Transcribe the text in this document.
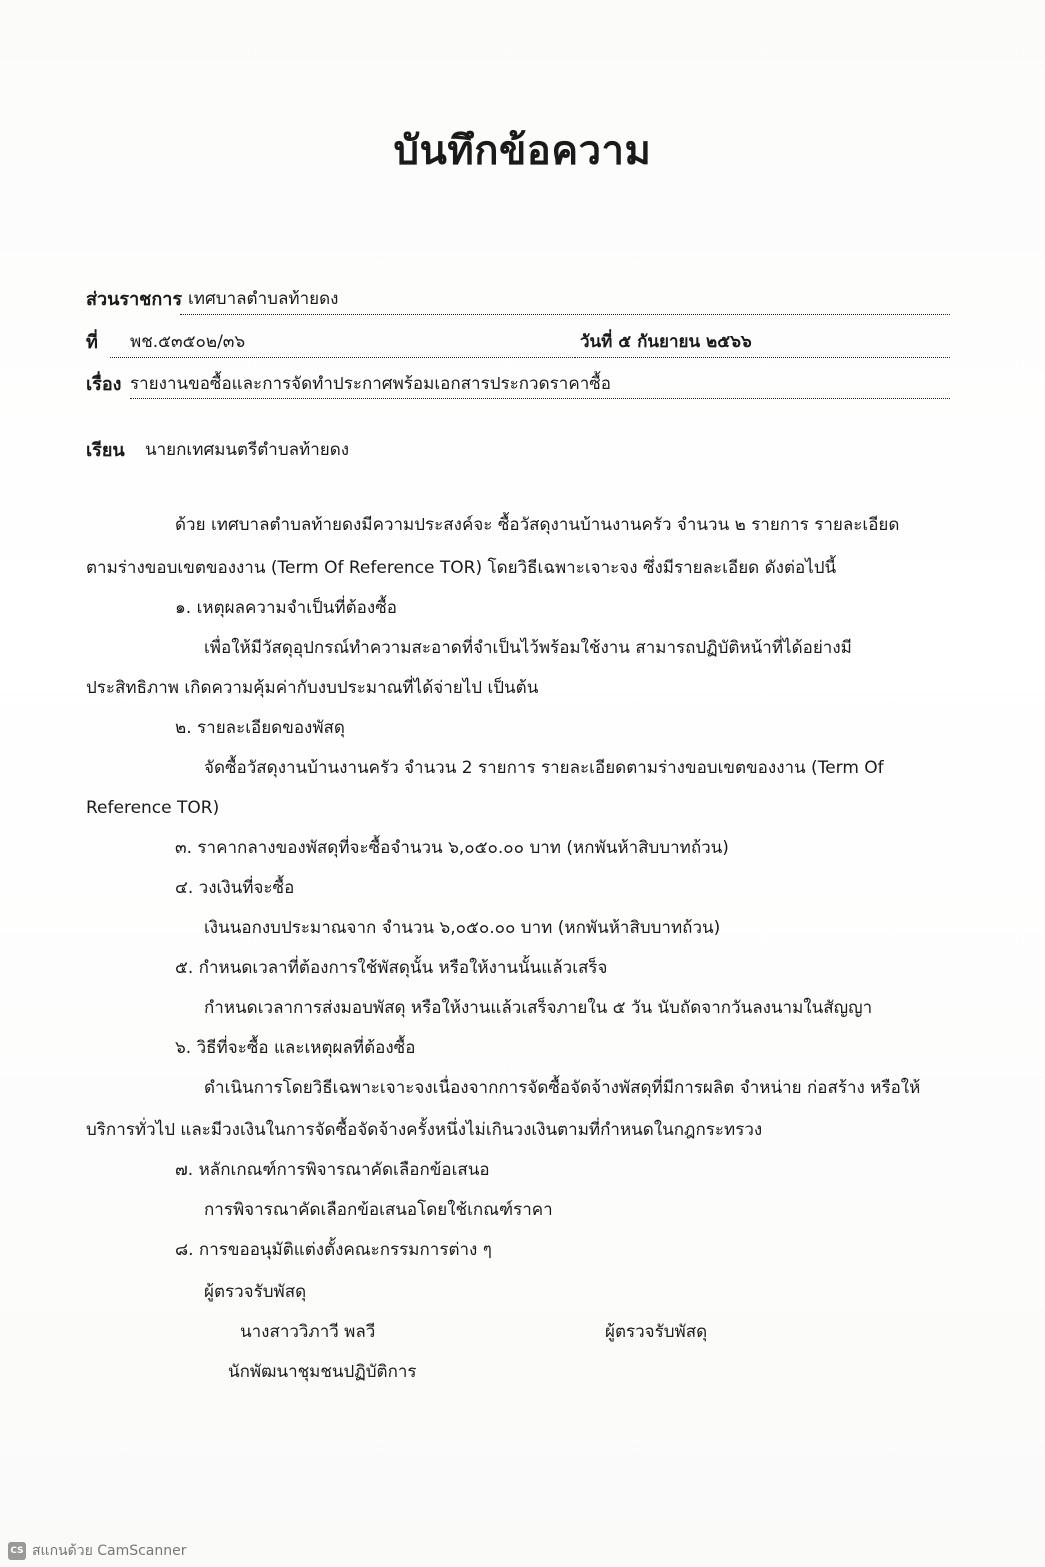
บันทึกข้อความ
ส่วนราชการ เทศบาลตำบลท้ายดง
ที่ พช.๕๓๕๐๒/๓๖	วันที่ ๕ กันยายน ๒๕๖๖
เรื่อง รายงานขอซื้อและการจัดทำประกาศพร้อมเอกสารประกวดราคาซื้อ
เรียน นายกเทศมนตรีตำบลท้ายดง
ด้วย เทศบาลตำบลท้ายดงมีความประสงค์จะ ซื้อวัสดุงานบ้านงานครัว จำนวน ๒ รายการ รายละเอียด
ตามร่างขอบเขตของงาน (Term Of Reference TOR) โดยวิธีเฉพาะเจาะจง ซึ่งมีรายละเอียด ดังต่อไปนี้
๑. เหตุผลความจำเป็นที่ต้องซื้อ
เพื่อให้มีวัสดุอุปกรณ์ทำความสะอาดที่จำเป็นไว้พร้อมใช้งาน สามารถปฏิบัติหน้าที่ได้อย่างมี
ประสิทธิภาพ เกิดความคุ้มค่ากับงบประมาณที่ได้จ่ายไป เป็นต้น
๒. รายละเอียดของพัสดุ
จัดซื้อวัสดุงานบ้านงานครัว จำนวน 2 รายการ รายละเอียดตามร่างขอบเขตของงาน (Term Of
Reference TOR)
๓. ราคากลางของพัสดุที่จะซื้อจำนวน ๖,๐๕๐.๐๐ บาท (หกพันห้าสิบบาทถ้วน)
๔. วงเงินที่จะซื้อ
เงินนอกงบประมาณจาก จำนวน ๖,๐๕๐.๐๐ บาท (หกพันห้าสิบบาทถ้วน)
๕. กำหนดเวลาที่ต้องการใช้พัสดุนั้น หรือให้งานนั้นแล้วเสร็จ
กำหนดเวลาการส่งมอบพัสดุ หรือให้งานแล้วเสร็จภายใน ๕ วัน นับถัดจากวันลงนามในสัญญา
๖. วิธีที่จะซื้อ และเหตุผลที่ต้องซื้อ
ดำเนินการโดยวิธีเฉพาะเจาะจงเนื่องจากการจัดซื้อจัดจ้างพัสดุที่มีการผลิต จำหน่าย ก่อสร้าง หรือให้
บริการทั่วไป และมีวงเงินในการจัดซื้อจัดจ้างครั้งหนึ่งไม่เกินวงเงินตามที่กำหนดในกฎกระทรวง
๗. หลักเกณฑ์การพิจารณาคัดเลือกข้อเสนอ
การพิจารณาคัดเลือกข้อเสนอโดยใช้เกณฑ์ราคา
๘. การขออนุมัติแต่งตั้งคณะกรรมการต่าง ๆ
ผู้ตรวจรับพัสดุ
นางสาววิภาวี พลวี	ผู้ตรวจรับพัสดุ
นักพัฒนาชุมชนปฏิบัติการ
CS สแกนด้วย CamScanner
